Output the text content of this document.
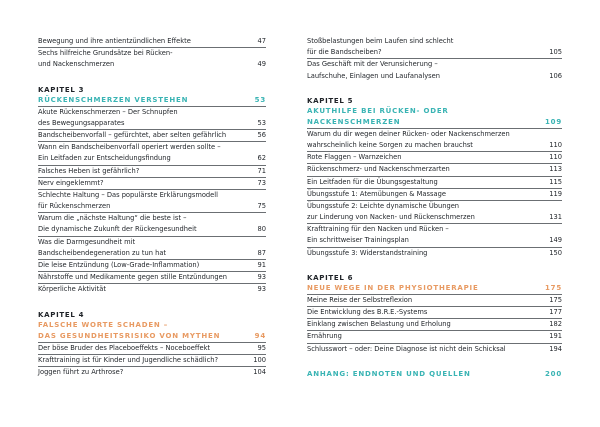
Bewegung und ihre antientzündlichen Effekte	47
Sechs hilfreiche Grundsätze bei Rücken-
und Nackenschmerzen	49
KAPITEL 3
RÜCKENSCHMERZEN VERSTEHEN	53
Akute Rückenschmerzen – Der Schnupfen
des Bewegungsapparates	53
Bandscheibenvorfall – gefürchtet, aber selten gefährlich	56
Wann ein Bandscheibenvorfall operiert werden sollte –
Ein Leitfaden zur Entscheidungsfindung	62
Falsches Heben ist gefährlich?	71
Nerv eingeklemmt?	73
Schlechte Haltung – Das populärste Erklärungsmodell
für Rückenschmerzen	75
Warum die „nächste Haltung“ die beste ist –
Die dynamische Zukunft der Rückengesundheit	80
Was die Darmgesundheit mit
Bandscheibendegeneration zu tun hat	87
Die leise Entzündung (Low-Grade-Inflammation)	91
Nährstoffe und Medikamente gegen stille Entzündungen	93
Körperliche Aktivität	93
KAPITEL 4
FALSCHE WORTE SCHADEN –
DAS GESUNDHEITSRISIKO VON MYTHEN	94
Der böse Bruder des Placeboeffekts – Noceboeffekt	95
Krafttraining ist für Kinder und Jugendliche schädlich?	100
Joggen führt zu Arthrose?	104
Stoßbelastungen beim Laufen sind schlecht
für die Bandscheiben?	105
Das Geschäft mit der Verunsicherung –
Laufschuhe, Einlagen und Laufanalysen	106
KAPITEL 5
AKUTHILFE BEI RÜCKEN- ODER
NACKENSCHMERZEN	109
Warum du dir wegen deiner Rücken- oder Nackenschmerzen
wahrscheinlich keine Sorgen zu machen brauchst	110
Rote Flaggen – Warnzeichen	110
Rückenschmerz- und Nackenschmerzarten	113
Ein Leitfaden für die Übungsgestaltung	115
Übungsstufe 1: Atemübungen & Massage	119
Übungsstufe 2: Leichte dynamische Übungen
zur Linderung von Nacken- und Rückenschmerzen	131
Krafttraining für den Nacken und Rücken –
Ein schrittweiser Trainingsplan	149
Übungsstufe 3: Widerstandstraining	150
KAPITEL 6
NEUE WEGE IN DER PHYSIOTHERAPIE	175
Meine Reise der Selbstreflexion	175
Die Entwicklung des B.R.E.-Systems	177
Einklang zwischen Belastung und Erholung	182
Ernährung	191
Schlusswort – oder: Deine Diagnose ist nicht dein Schicksal	194
ANHANG: ENDNOTEN UND QUELLEN	200
